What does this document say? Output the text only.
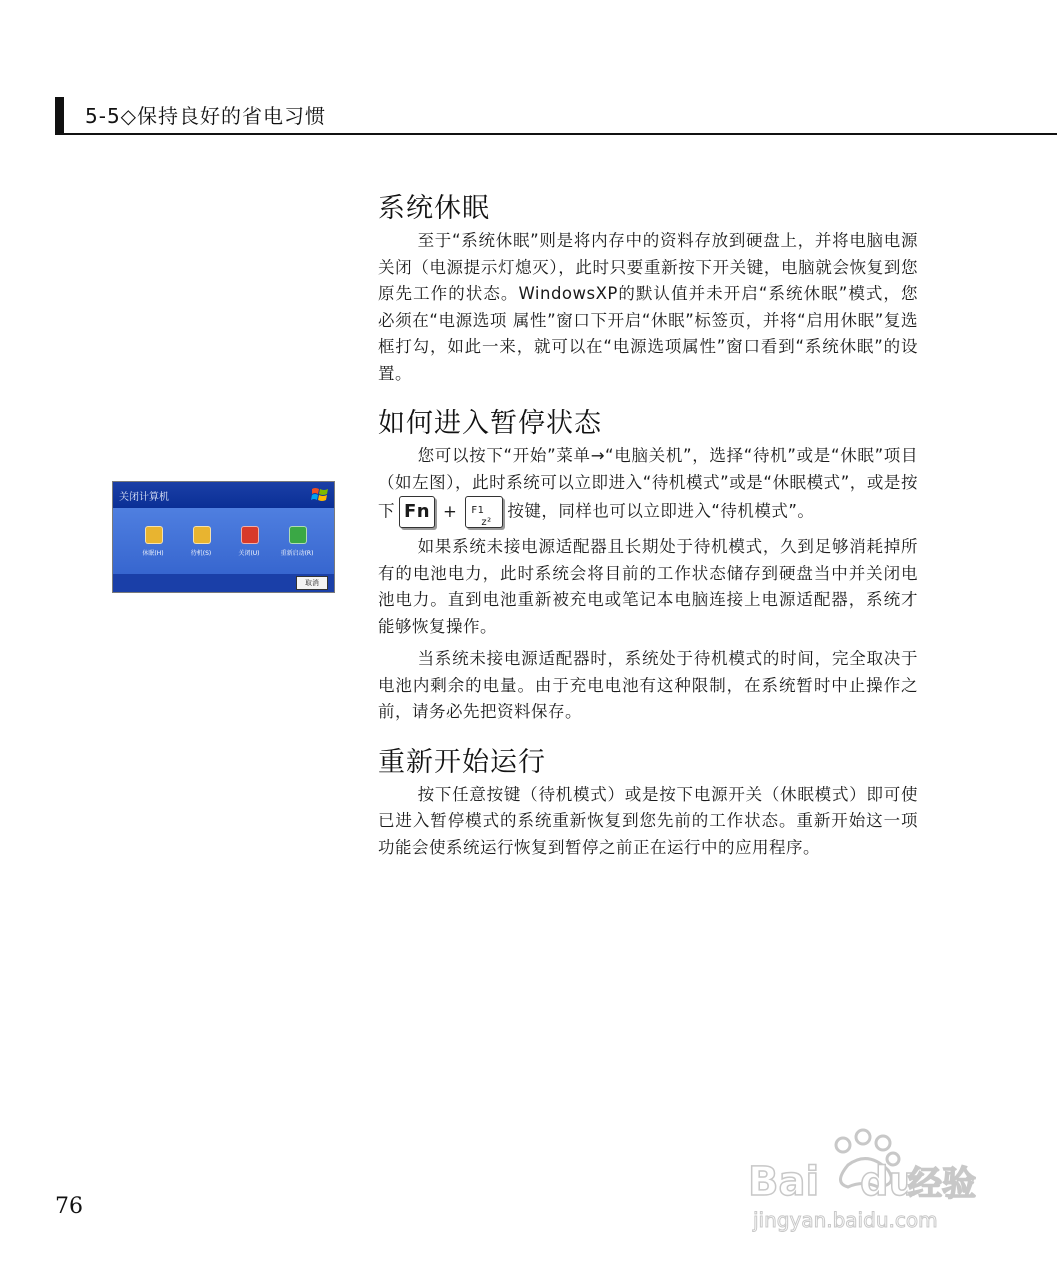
5-5◇保持良好的省电习惯
关闭计算机
休眠(H)	待机(S)	关闭(U)	重新启动(R)
取消
系统休眠

至于“系统休眠”则是将内存中的资料存放到硬盘上，并将电脑电源关闭（电源提示灯熄灭），此时只要重新按下开关键，电脑就会恢复到您原先工作的状态。WindowsXP的默认值并未开启“系统休眠”模式，您必须在“电源选项 属性”窗口下开启“休眠”标签页，并将“启用休眠”复选框打勾，如此一来，就可以在“电源选项属性”窗口看到“系统休眠”的设置。

如何进入暂停状态

您可以按下“开始”菜单→“电脑关机”，选择“待机”或是“休眠”项目（如左图），此时系统可以立即进入“待机模式”或是“休眠模式”，或是按下 Fn + F1
z²
按键，同样也可以立即进入“待机模式”。

如果系统未接电源适配器且长期处于待机模式，久到足够消耗掉所有的电池电力，此时系统会将目前的工作状态储存到硬盘当中并关闭电池电力。直到电池重新被充电或笔记本电脑连接上电源适配器，系统才能够恢复操作。

当系统未接电源适配器时，系统处于待机模式的时间，完全取决于电池内剩余的电量。由于充电电池有这种限制，在系统暂时中止操作之前，请务必先把资料保存。

重新开始运行

按下任意按键（待机模式）或是按下电源开关（休眠模式）即可使已进入暂停模式的系统重新恢复到您先前的工作状态。重新开始这一项功能会使系统运行恢复到暂停之前正在运行中的应用程序。

76
Bai du
经验
jingyan.baidu.com
